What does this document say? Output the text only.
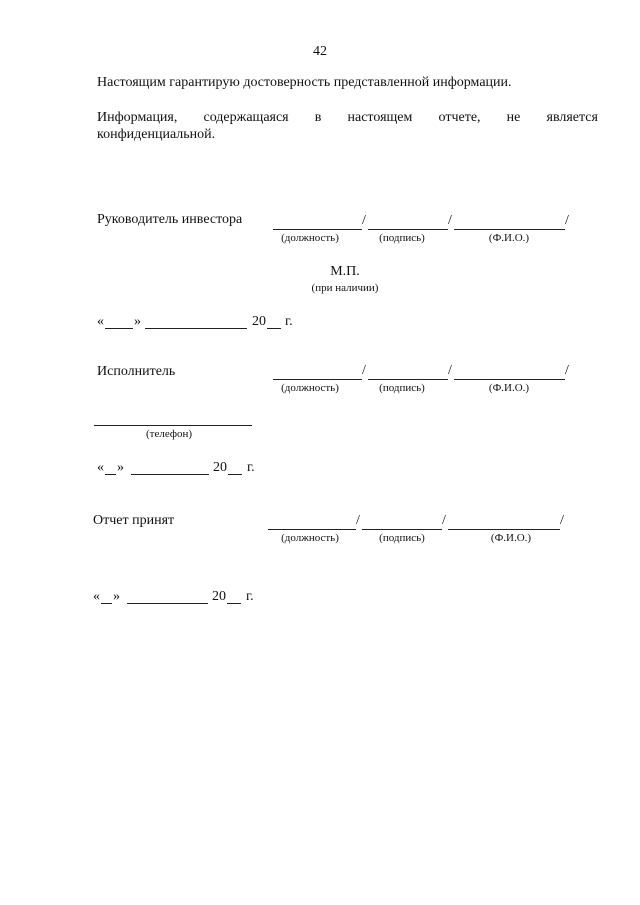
42
Настоящим гарантирую достоверность представленной информации.
Информация, содержащаяся в настоящем отчете, не является
конфиденциальной.
Руководитель инвестора	/	/	/
(должность)	(подпись)	(Ф.И.О.)
М.П.
(при наличии)
« »	20 г.
Исполнитель	/	/	/
(должность)	(подпись)	(Ф.И.О.)
(телефон)
« »	20 г.
Отчет принят	/	/	/
(должность)	(подпись)	(Ф.И.О.)
« »	20 г.
